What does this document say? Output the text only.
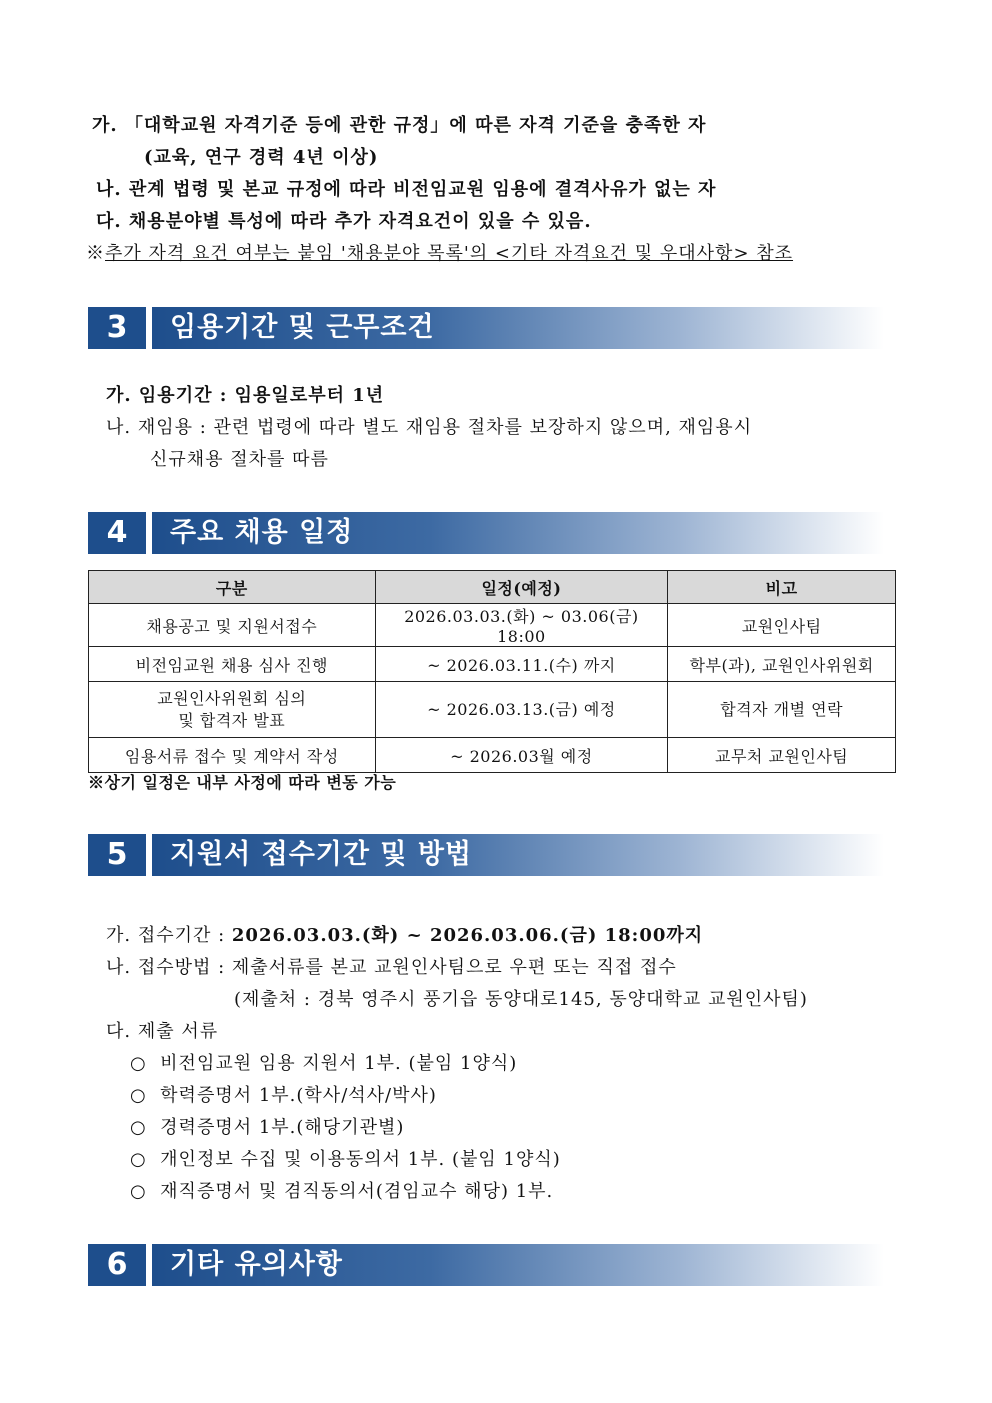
가. 「대학교원 자격기준 등에 관한 규정」에 따른 자격 기준을 충족한 자
(교육, 연구 경력 4년 이상)
나. 관계 법령 및 본교 규정에 따라 비전임교원 임용에 결격사유가 없는 자
다. 채용분야별 특성에 따라 추가 자격요건이 있을 수 있음.
※추가 자격 요건 여부는 붙임 '채용분야 목록'의 <기타 자격요건 및 우대사항> 참조
3	임용기간 및 근무조건
가. 임용기간 : 임용일로부터 1년
나. 재임용 : 관련 법령에 따라 별도 재임용 절차를 보장하지 않으며, 재임용시
신규채용 절차를 따름
4	주요 채용 일정
구분	일정(예정)	비고
채용공고 및 지원서접수	2026.03.03.(화) ~ 03.06(금) 18:00	교원인사팀
비전임교원 채용 심사 진행	~ 2026.03.11.(수) 까지	학부(과), 교원인사위원회

교원인사위원회 심의
및 합격자 발표	~ 2026.03.13.(금) 예정	합격자 개별 연락
임용서류 접수 및 계약서 작성	~ 2026.03월 예정	교무처 교원인사팀
※상기 일정은 내부 사정에 따라 변동 가능
5	지원서 접수기간 및 방법
가. 접수기간 : 2026.03.03.(화) ~ 2026.03.06.(금) 18:00까지
나. 접수방법 : 제출서류를 본교 교원인사팀으로 우편 또는 직접 접수
(제출처 : 경북 영주시 풍기읍 동양대로145, 동양대학교 교원인사팀)
다. 제출 서류
○ 비전임교원 임용 지원서 1부. (붙임 1양식)
○ 학력증명서 1부.(학사/석사/박사)
○ 경력증명서 1부.(해당기관별)
○ 개인정보 수집 및 이용동의서 1부. (붙임 1양식)
○ 재직증명서 및 겸직동의서(겸임교수 해당) 1부.
6	기타 유의사항
